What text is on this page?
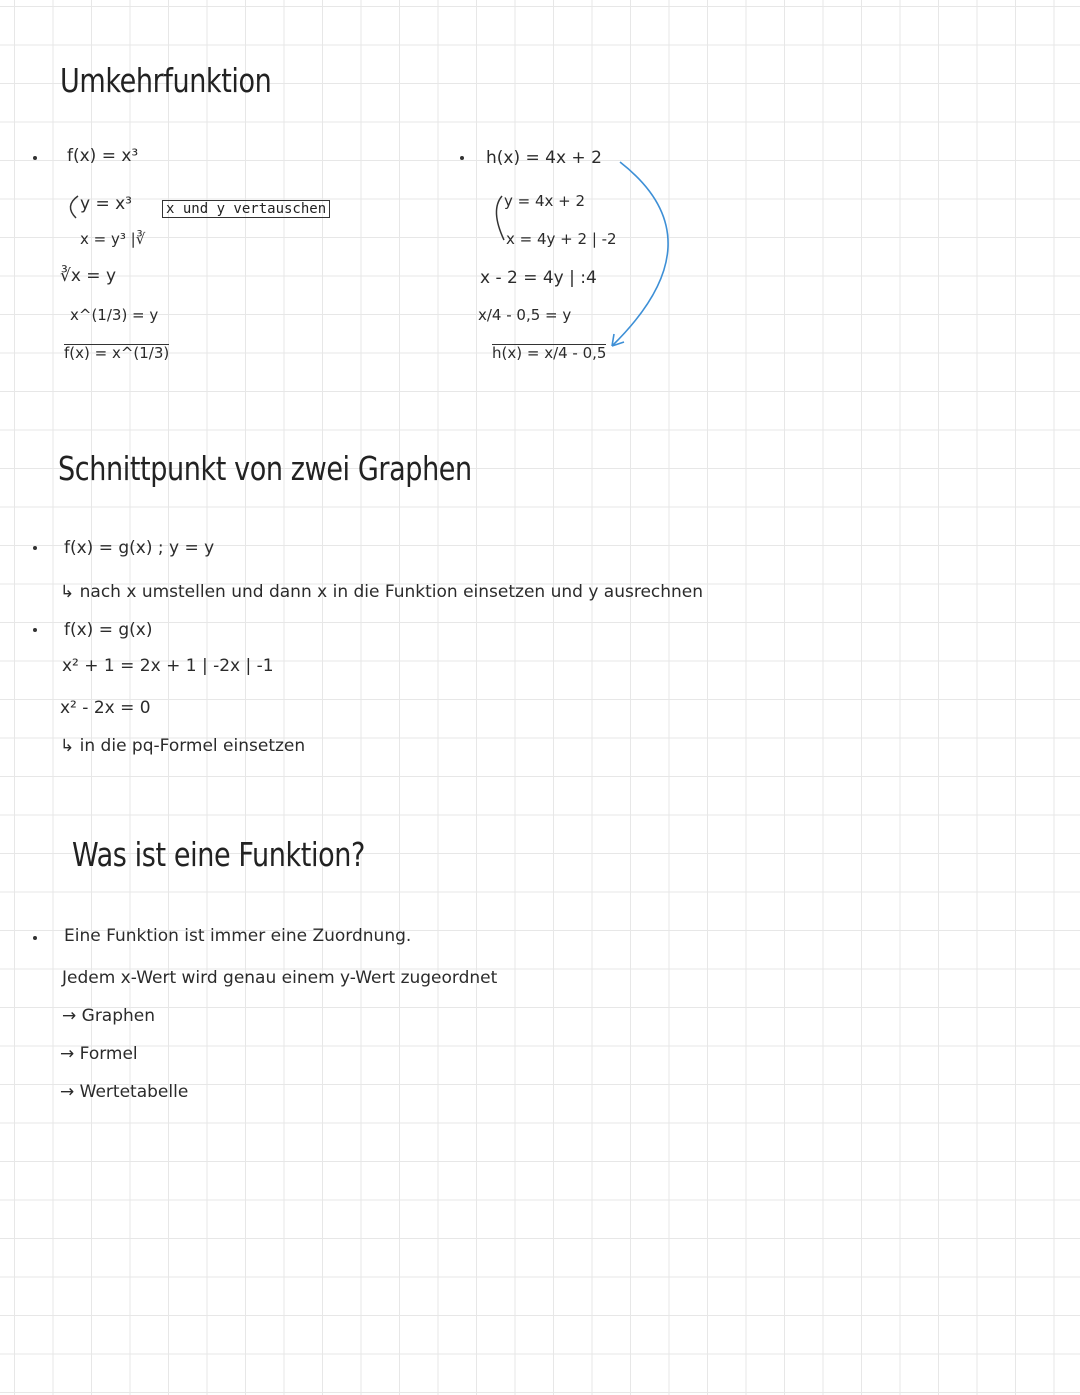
Umkehrfunktion
f(x) = x³
y = x³ x und y vertauschen
x = y³ |∛
∛x = y
x^(1/3) = y
f(x) = x^(1/3)
h(x) = 4x + 2
y = 4x + 2
x = 4y + 2 | -2
x - 2 = 4y | :4
x/4 - 0,5 = y
h(x) = x/4 - 0,5
Schnittpunkt von zwei Graphen
f(x) = g(x) ; y = y
↳ nach x umstellen und dann x in die Funktion einsetzen und y ausrechnen
f(x) = g(x)
x² + 1 = 2x + 1 | -2x | -1
x² - 2x = 0
↳ in die pq-Formel einsetzen
Was ist eine Funktion?
Eine Funktion ist immer eine Zuordnung.
Jedem x-Wert wird genau einem y-Wert zugeordnet
→ Graphen
→ Formel
→ Wertetabelle
